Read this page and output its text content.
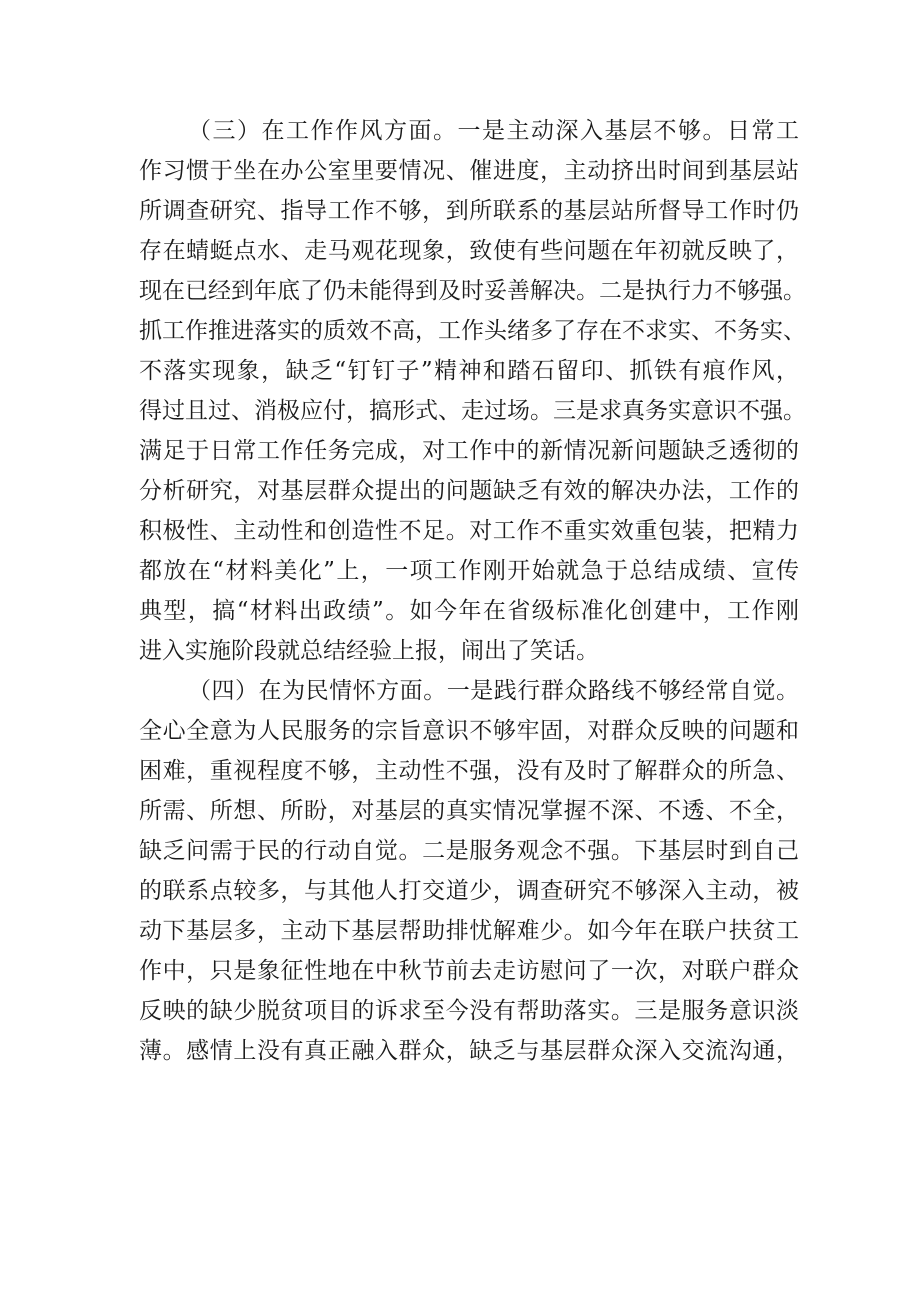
（三）在工作作风方面。一是主动深入基层不够。日常工
作习惯于坐在办公室里要情况、催进度，主动挤出时间到基层站
所调查研究、指导工作不够，到所联系的基层站所督导工作时仍
存在蜻蜓点水、走马观花现象，致使有些问题在年初就反映了，
现在已经到年底了仍未能得到及时妥善解决。二是执行力不够强。
抓工作推进落实的质效不高，工作头绪多了存在不求实、不务实、
不落实现象，缺乏“钉钉子”精神和踏石留印、抓铁有痕作风，
得过且过、消极应付，搞形式、走过场。三是求真务实意识不强。
满足于日常工作任务完成，对工作中的新情况新问题缺乏透彻的
分析研究，对基层群众提出的问题缺乏有效的解决办法，工作的
积极性、主动性和创造性不足。对工作不重实效重包装，把精力
都放在“材料美化”上，一项工作刚开始就急于总结成绩、宣传
典型，搞“材料出政绩”。如今年在省级标准化创建中，工作刚
进入实施阶段就总结经验上报，闹出了笑话。
（四）在为民情怀方面。一是践行群众路线不够经常自觉。
全心全意为人民服务的宗旨意识不够牢固，对群众反映的问题和
困难，重视程度不够，主动性不强，没有及时了解群众的所急、
所需、所想、所盼，对基层的真实情况掌握不深、不透、不全，
缺乏问需于民的行动自觉。二是服务观念不强。下基层时到自己
的联系点较多，与其他人打交道少，调查研究不够深入主动，被
动下基层多，主动下基层帮助排忧解难少。如今年在联户扶贫工
作中，只是象征性地在中秋节前去走访慰问了一次，对联户群众
反映的缺少脱贫项目的诉求至今没有帮助落实。三是服务意识淡
薄。感情上没有真正融入群众，缺乏与基层群众深入交流沟通，
